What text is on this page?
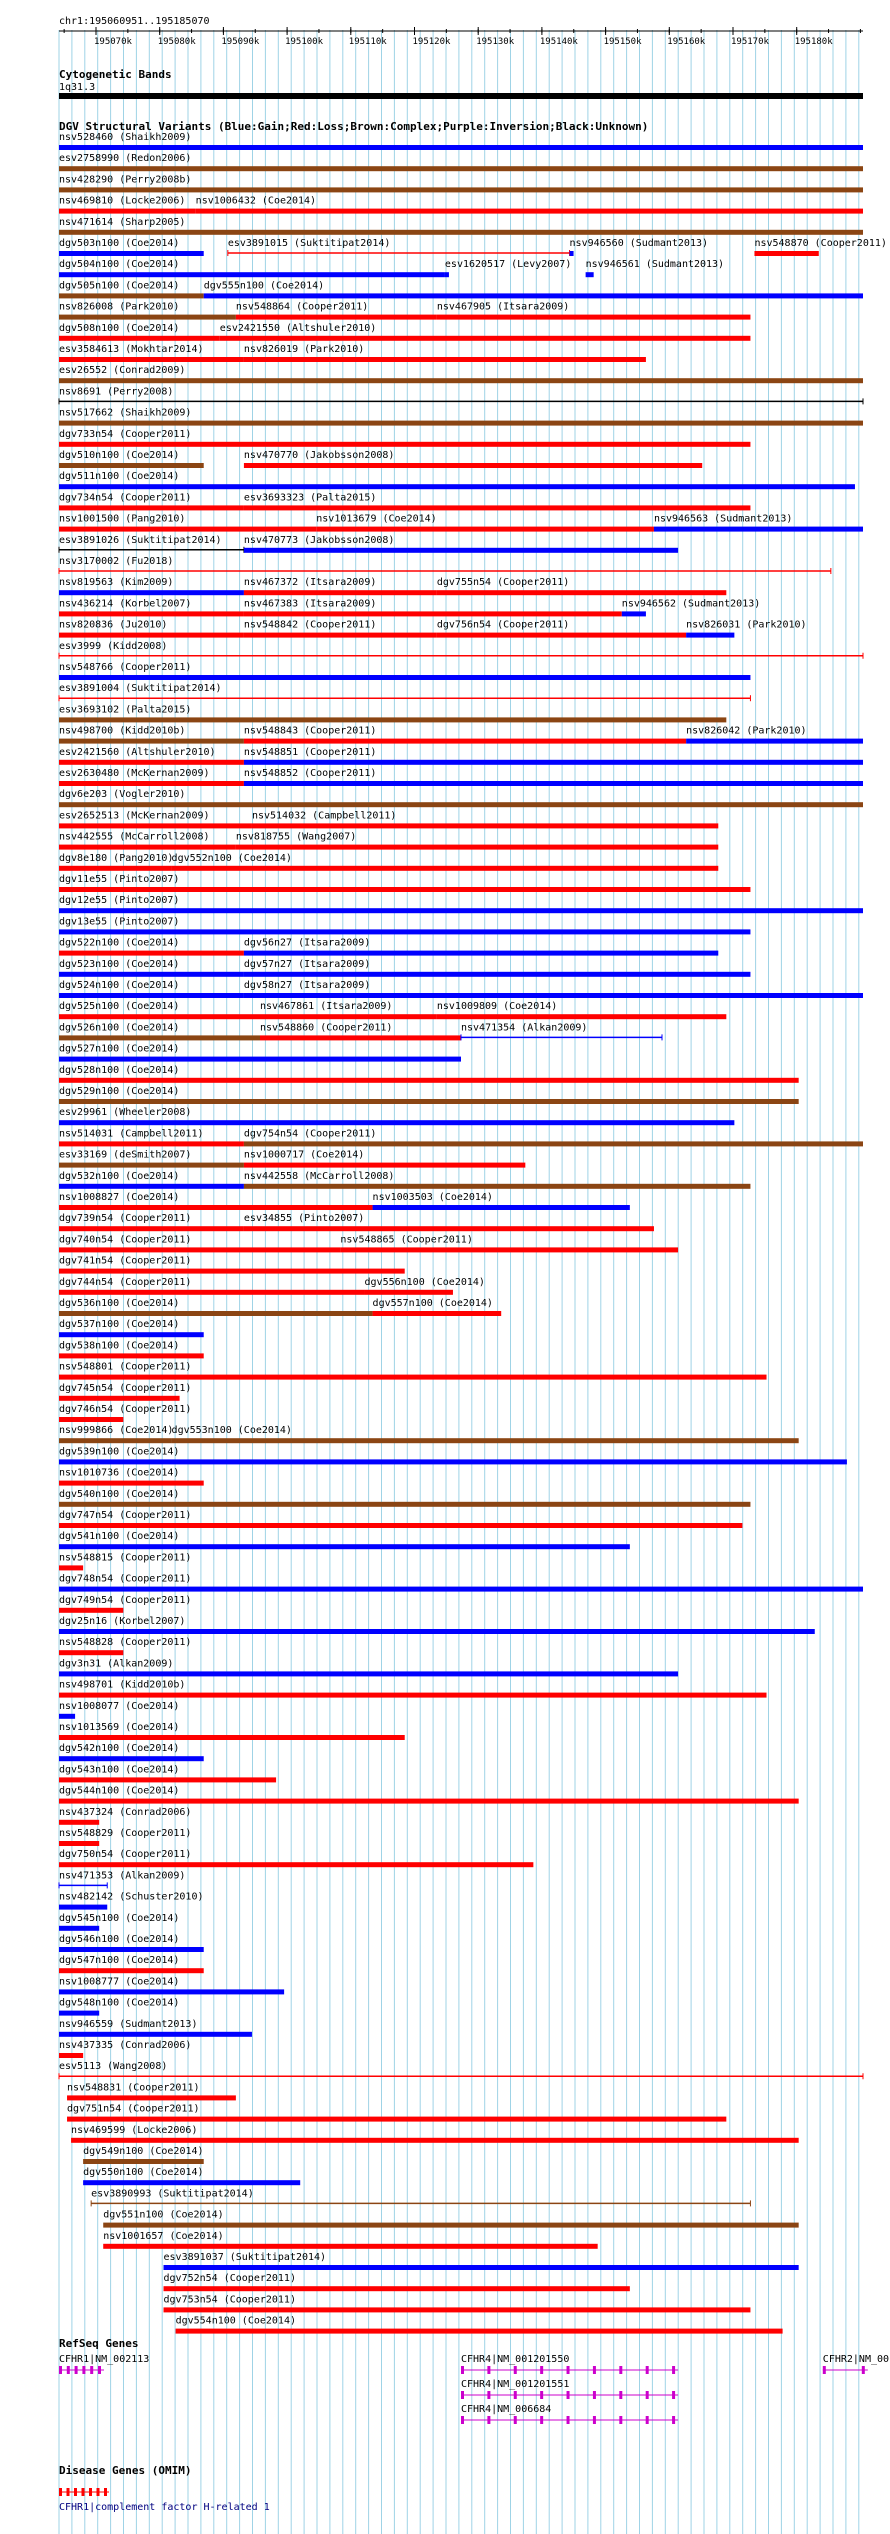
chr1:195060951..195185070
195070k	195080k	195090k	195100k	195110k	195120k	195130k	195140k	195150k	195160k	195170k	195180k
Cytogenetic Bands
1q31.3
DGV Structural Variants (Blue:Gain;Red:Loss;Brown:Complex;Purple:Inversion;Black:Unknown)
nsv528460 (Shaikh2009)
esv2758990 (Redon2006)
nsv428290 (Perry2008b)
nsv469810 (Locke2006) nsv1006432 (Coe2014)
nsv471614 (Sharp2005)
dgv503n100 (Coe2014)	esv3891015 (Suktitipat2014)	nsv946560 (Sudmant2013)	nsv548870 (Cooper2011)
dgv504n100 (Coe2014)	esv1620517 (Levy2007) nsv946561 (Sudmant2013)
dgv505n100 (Coe2014) dgv555n100 (Coe2014)
nsv826008 (Park2010)	nsv548864 (Cooper2011)	nsv467905 (Itsara2009)
dgv508n100 (Coe2014)	esv2421550 (Altshuler2010)
esv3584613 (Mokhtar2014)	nsv826019 (Park2010)
esv26552 (Conrad2009)
nsv8691 (Perry2008)
nsv517662 (Shaikh2009)
dgv733n54 (Cooper2011)
dgv510n100 (Coe2014)	nsv470770 (Jakobsson2008)
dgv511n100 (Coe2014)
dgv734n54 (Cooper2011)	esv3693323 (Palta2015)
nsv1001500 (Pang2010)	nsv1013679 (Coe2014)	nsv946563 (Sudmant2013)
esv3891026 (Suktitipat2014) nsv470773 (Jakobsson2008)
nsv3170002 (Fu2018)
nsv819563 (Kim2009)	nsv467372 (Itsara2009)	dgv755n54 (Cooper2011)
nsv436214 (Korbel2007)	nsv467383 (Itsara2009)	nsv946562 (Sudmant2013)
nsv820836 (Ju2010)	nsv548842 (Cooper2011)	dgv756n54 (Cooper2011)	nsv826031 (Park2010)
esv3999 (Kidd2008)
nsv548766 (Cooper2011)
esv3891004 (Suktitipat2014)
esv3693102 (Palta2015)
nsv498700 (Kidd2010b)	nsv548843 (Cooper2011)	nsv826042 (Park2010)
esv2421560 (Altshuler2010)	nsv548851 (Cooper2011)
esv2630480 (McKernan2009)	nsv548852 (Cooper2011)
dgv6e203 (Vogler2010)
esv2652513 (McKernan2009)	nsv514032 (Campbell2011)
nsv442555 (McCarroll2008)	nsv818755 (Wang2007)
dgv8e180 (Pang2010)
dgv552n100 (Coe2014)
dgv11e55 (Pinto2007)
dgv12e55 (Pinto2007)
dgv13e55 (Pinto2007)
dgv522n100 (Coe2014)	dgv56n27 (Itsara2009)
dgv523n100 (Coe2014)	dgv57n27 (Itsara2009)
dgv524n100 (Coe2014)	dgv58n27 (Itsara2009)
dgv525n100 (Coe2014)	nsv467861 (Itsara2009)	nsv1009809 (Coe2014)
dgv526n100 (Coe2014)	nsv548860 (Cooper2011)	nsv471354 (Alkan2009)
dgv527n100 (Coe2014)
dgv528n100 (Coe2014)
dgv529n100 (Coe2014)
esv29961 (Wheeler2008)
nsv514031 (Campbell2011)	dgv754n54 (Cooper2011)
esv33169 (deSmith2007)	nsv1000717 (Coe2014)
dgv532n100 (Coe2014)	nsv442558 (McCarroll2008)
nsv1008827 (Coe2014)	nsv1003503 (Coe2014)
dgv739n54 (Cooper2011)	esv34855 (Pinto2007)
dgv740n54 (Cooper2011)	nsv548865 (Cooper2011)
dgv741n54 (Cooper2011)
dgv744n54 (Cooper2011)	dgv556n100 (Coe2014)
dgv536n100 (Coe2014)	dgv557n100 (Coe2014)
dgv537n100 (Coe2014)
dgv538n100 (Coe2014)
nsv548801 (Cooper2011)
dgv745n54 (Cooper2011)
dgv746n54 (Cooper2011)
nsv999866 (Coe2014)
dgv553n100 (Coe2014)
dgv539n100 (Coe2014)
nsv1010736 (Coe2014)
dgv540n100 (Coe2014)
dgv747n54 (Cooper2011)
dgv541n100 (Coe2014)
nsv548815 (Cooper2011)
dgv748n54 (Cooper2011)
dgv749n54 (Cooper2011)
dgv25n16 (Korbel2007)
nsv548828 (Cooper2011)
dgv3n31 (Alkan2009)
nsv498701 (Kidd2010b)
nsv1008077 (Coe2014)
nsv1013569 (Coe2014)
dgv542n100 (Coe2014)
dgv543n100 (Coe2014)
dgv544n100 (Coe2014)
nsv437324 (Conrad2006)
nsv548829 (Cooper2011)
dgv750n54 (Cooper2011)
nsv471353 (Alkan2009)
nsv482142 (Schuster2010)
dgv545n100 (Coe2014)
dgv546n100 (Coe2014)
dgv547n100 (Coe2014)
nsv1008777 (Coe2014)
dgv548n100 (Coe2014)
nsv946559 (Sudmant2013)
nsv437335 (Conrad2006)
esv5113 (Wang2008)
nsv548831 (Cooper2011)
dgv751n54 (Cooper2011)
nsv469599 (Locke2006)
dgv549n100 (Coe2014)
dgv550n100 (Coe2014)
esv3890993 (Suktitipat2014)
dgv551n100 (Coe2014)
nsv1001657 (Coe2014)
esv3891037 (Suktitipat2014)
dgv752n54 (Cooper2011)
dgv753n54 (Cooper2011)
dgv554n100 (Coe2014)
RefSeq Genes
CFHR1|NM_002113	CFHR4|NM_001201550	CFHR2|NM_00
CFHR4|NM_001201551
CFHR4|NM_006684
Disease Genes (OMIM)
CFHR1|complement factor H-related 1
